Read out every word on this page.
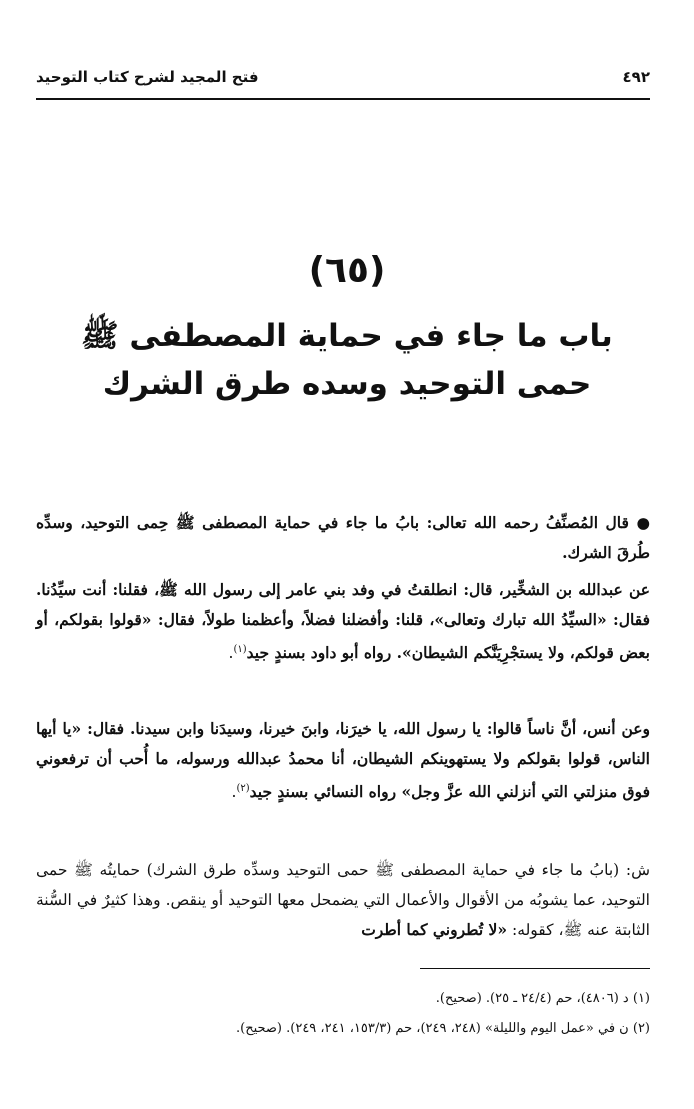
٤٩٢
فتح المجيد لشرح كتاب التوحيد
(٦٥)
باب ما جاء في حماية المصطفى ﷺ
حمى التوحيد وسده طرق الشرك
● قال المُصنِّفُ رحمه الله تعالى: بابُ ما جاء في حماية المصطفى ﷺ حِمى التوحيد، وسدِّه طُرقَ الشرك.
عن عبدالله بن الشخِّير، قال: انطلقتُ في وفد بني عامر إلى رسول الله ﷺ، فقلنا: أنت سيِّدُنا. فقال: «السيِّدُ الله تبارك وتعالى»، قلنا: وأفضلنا فضلاً، وأعظمنا طولاً، فقال: «قولوا بقولكم، أو بعض قولكم، ولا يستجْرِيَنَّكم الشيطان». رواه أبو داود بسندٍ جيد$^{(١)}$.
وعن أنس، أنَّ ناساً قالوا: يا رسول الله، يا خيرَنا، وابنَ خيرنا، وسيدَنا وابن سيدنا. فقال: «يا أيها الناس، قولوا بقولكم ولا يستهوينكم الشيطان، أنا محمدُ عبدالله ورسوله، ما أُحب أن ترفعوني فوق منزلتي التي أنزلني الله عزَّ وجل» رواه النسائي بسندٍ جيد$^{(٢)}$.
ش: (بابُ ما جاء في حماية المصطفى ﷺ حمى التوحيد وسدِّه طرق الشرك) حمايتُه ﷺ حمى التوحيد، عما يشوبُه من الأقوال والأعمال التي يضمحل معها التوحيد أو ينقص. وهذا كثيرٌ في السُّنة الثابتة عنه ﷺ، كقوله: «لا تُطروني كما أطرت
(١) د (٤٨٠٦)، حم (٢٤/٤ ـ ٢٥). (صحيح).
(٢) ن في «عمل اليوم والليلة» (٢٤٨، ٢٤٩)، حم (١٥٣/٣، ٢٤١، ٢٤٩). (صحيح).
